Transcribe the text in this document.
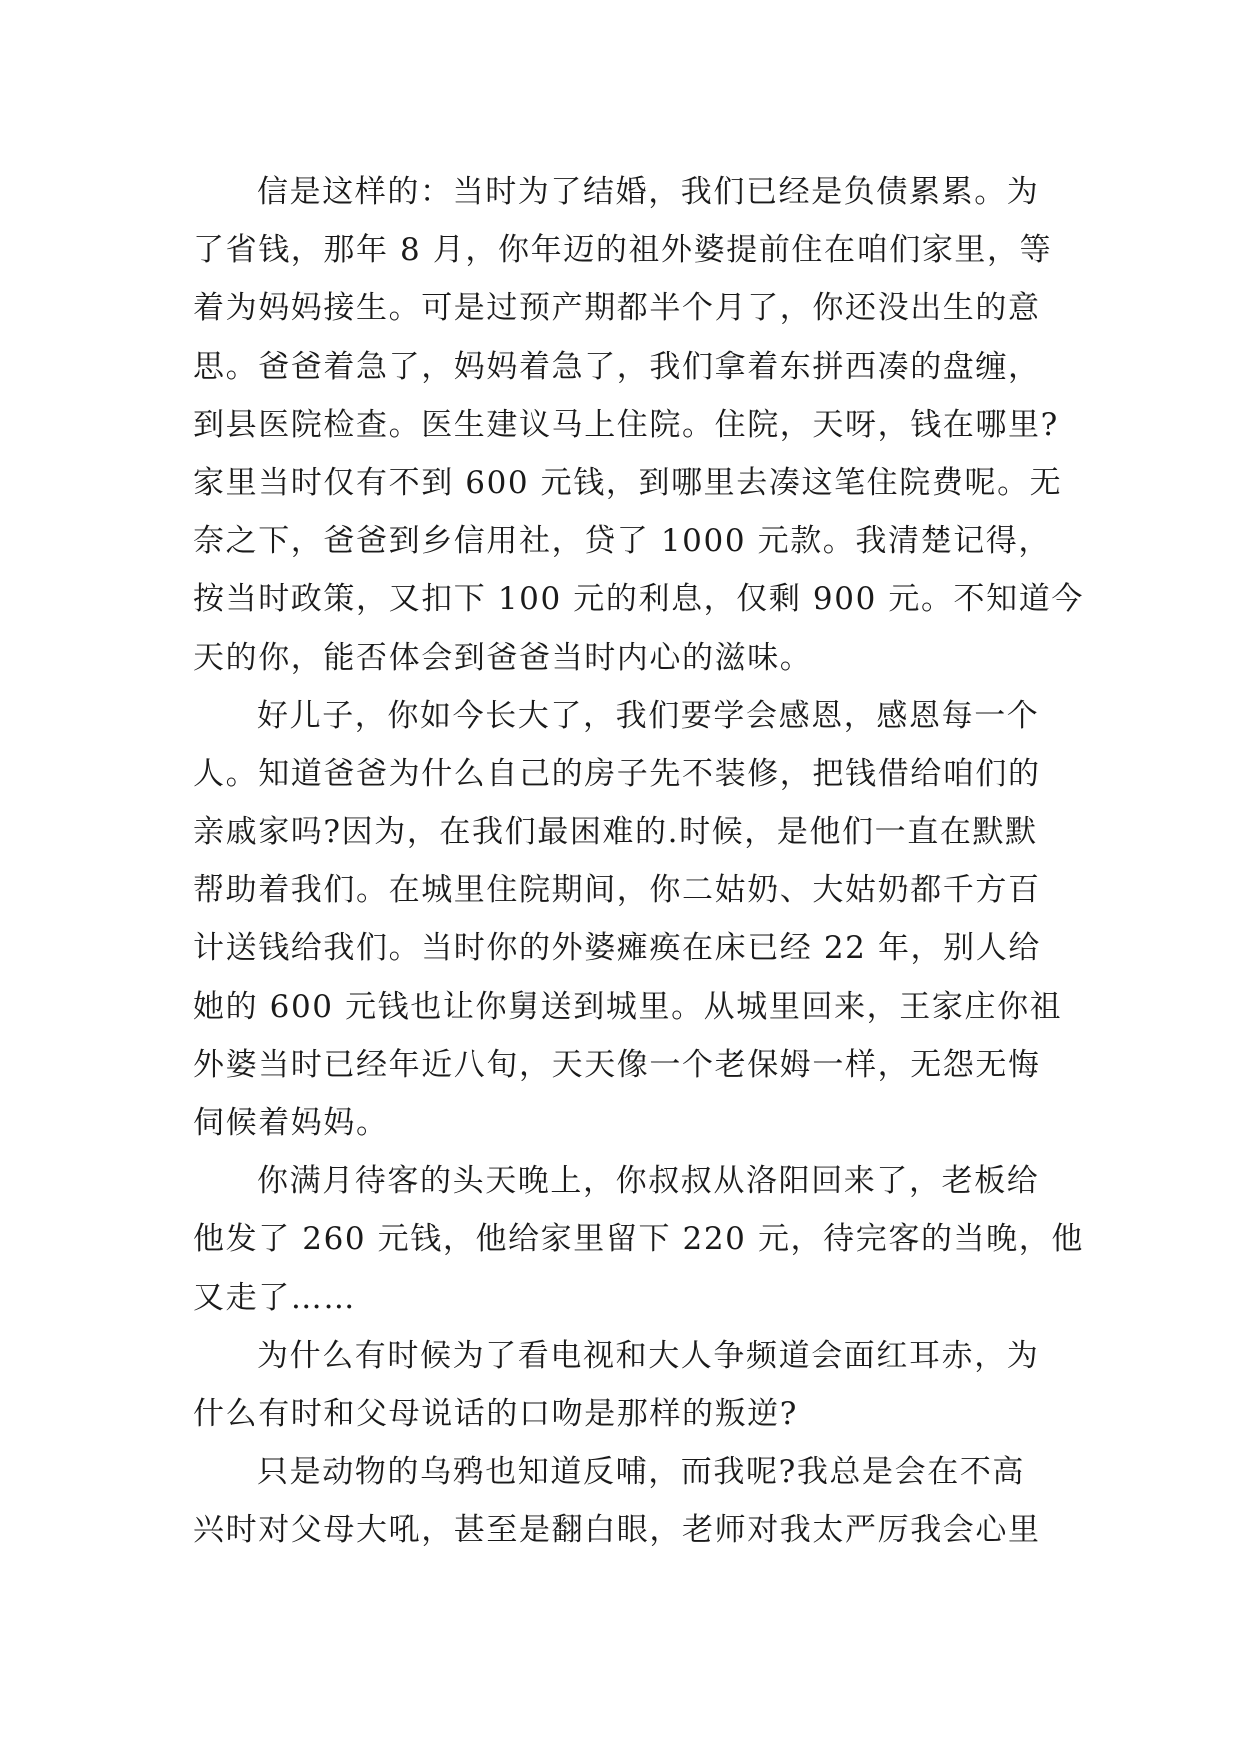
信是这样的：当时为了结婚，我们已经是负债累累。为
了省钱，那年 8 月，你年迈的祖外婆提前住在咱们家里，等
着为妈妈接生。可是过预产期都半个月了，你还没出生的意
思。爸爸着急了，妈妈着急了，我们拿着东拼西凑的盘缠，
到县医院检查。医生建议马上住院。住院，天呀，钱在哪里?
家里当时仅有不到 600 元钱，到哪里去凑这笔住院费呢。无
奈之下，爸爸到乡信用社，贷了 1000 元款。我清楚记得，
按当时政策，又扣下 100 元的利息，仅剩 900 元。不知道今
天的你，能否体会到爸爸当时内心的滋味。
好儿子，你如今长大了，我们要学会感恩，感恩每一个
人。知道爸爸为什么自己的房子先不装修，把钱借给咱们的
亲戚家吗?因为，在我们最困难的.时候，是他们一直在默默
帮助着我们。在城里住院期间，你二姑奶、大姑奶都千方百
计送钱给我们。当时你的外婆瘫痪在床已经 22 年，别人给
她的 600 元钱也让你舅送到城里。从城里回来，王家庄你祖
外婆当时已经年近八旬，天天像一个老保姆一样，无怨无悔
伺候着妈妈。
你满月待客的头天晚上，你叔叔从洛阳回来了，老板给
他发了 260 元钱，他给家里留下 220 元，待完客的当晚，他
又走了……
为什么有时候为了看电视和大人争频道会面红耳赤，为
什么有时和父母说话的口吻是那样的叛逆?
只是动物的乌鸦也知道反哺，而我呢?我总是会在不高
兴时对父母大吼，甚至是翻白眼，老师对我太严厉我会心里
